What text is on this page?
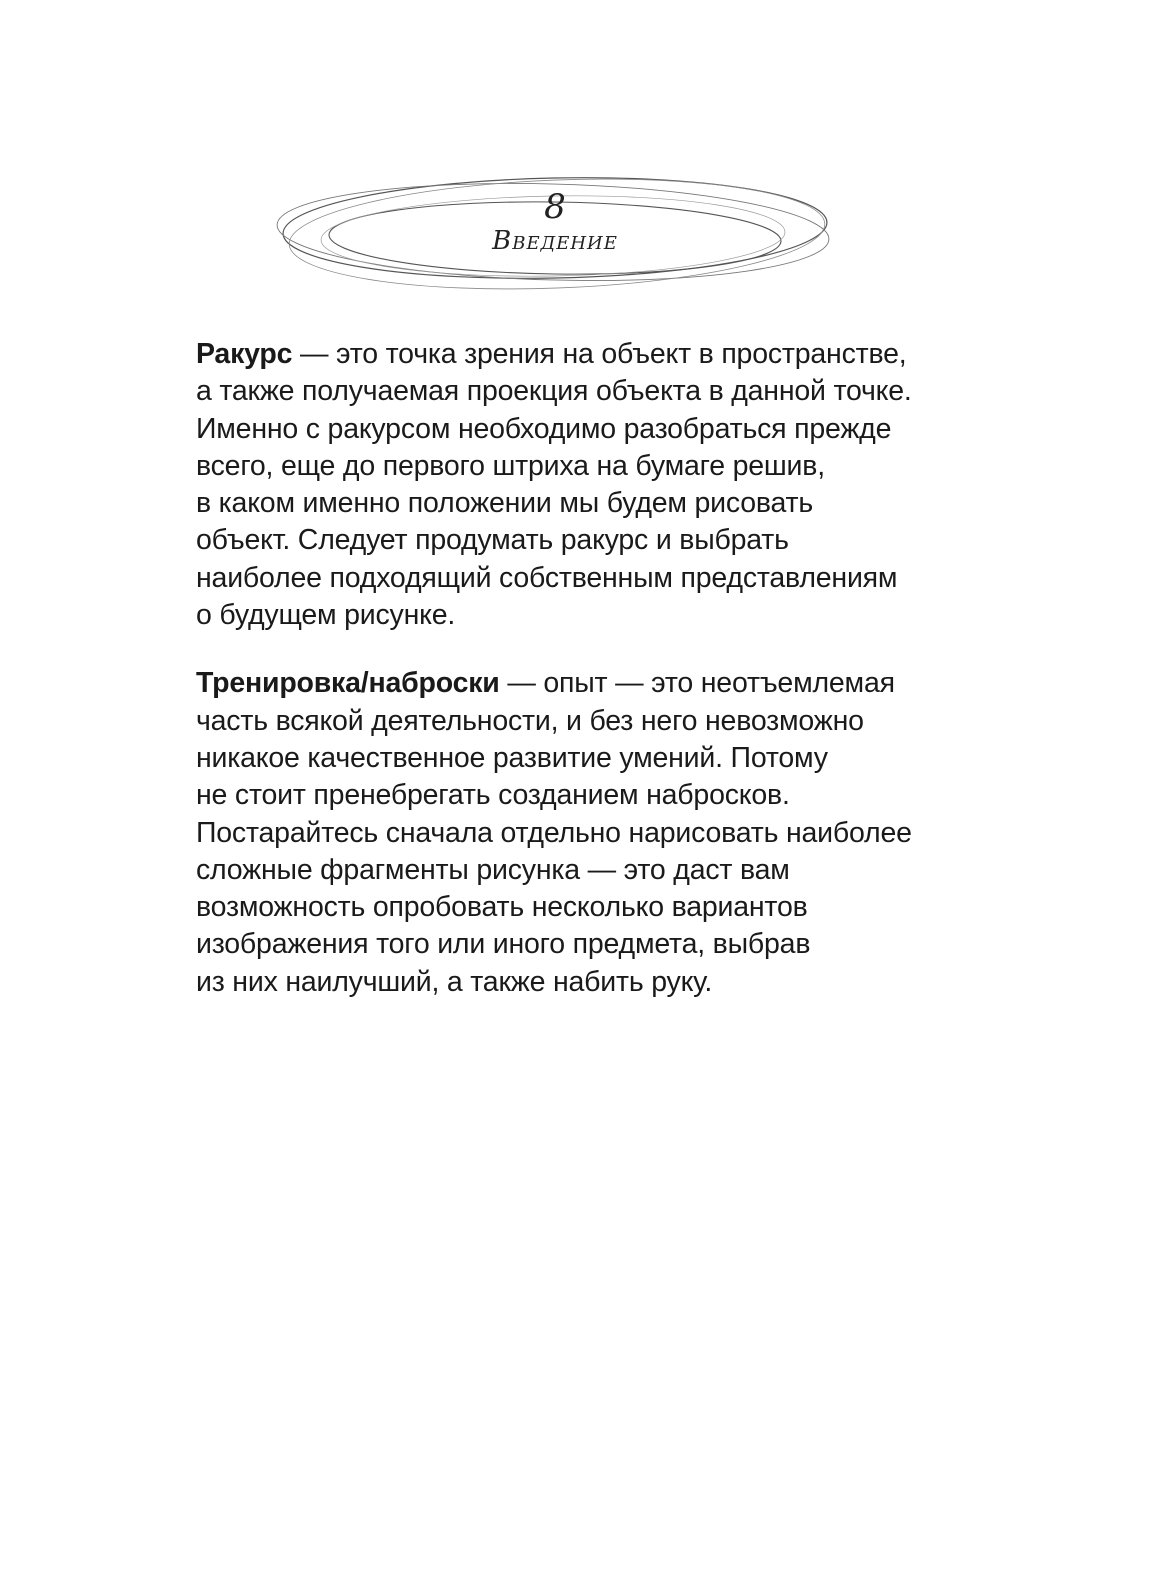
8
Введение

Ракурс — это точка зрения на объект в пространстве,
а также получаемая проекция объекта в данной точке.
Именно с ракурсом необходимо разобраться прежде
всего, еще до первого штриха на бумаге решив,
в каком именно положении мы будем рисовать
объект. Следует продумать ракурс и выбрать
наиболее подходящий собственным представлениям
о будущем рисунке.

Тренировка/наброски — опыт — это неотъемлемая
часть всякой деятельности, и без него невозможно
никакое качественное развитие умений. Потому
не стоит пренебрегать созданием набросков.
Постарайтесь сначала отдельно нарисовать наиболее
сложные фрагменты рисунка — это даст вам
возможность опробовать несколько вариантов
изображения того или иного предмета, выбрав
из них наилучший, а также набить руку.
